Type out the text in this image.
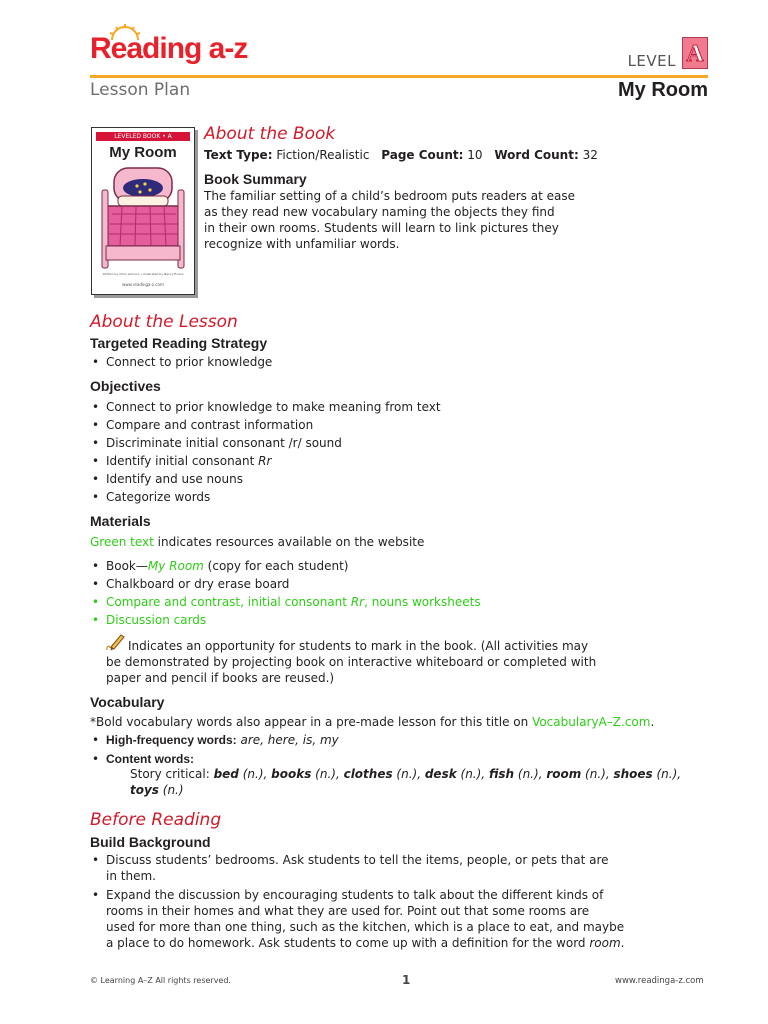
Reading a-z	LEVEL A
Lesson Plan	My Room
LEVELED BOOK • A
My Room
Written by Chris Johnson • Illustrated by Nancy Evans
www.readinga-z.com
About the Book
Text Type: Fiction/Realistic Page Count: 10 Word Count: 32
Book Summary
The familiar setting of a child’s bedroom puts readers at ease
as they read new vocabulary naming the objects they find
in their own rooms. Students will learn to link pictures they
recognize with unfamiliar words.
About the Lesson
Targeted Reading Strategy
• Connect to prior knowledge
Objectives
• Connect to prior knowledge to make meaning from text
• Compare and contrast information
• Discriminate initial consonant /r/ sound
• Identify initial consonant Rr
• Identify and use nouns
• Categorize words
Materials
Green text indicates resources available on the website
• Book—My Room (copy for each student)
• Chalkboard or dry erase board
• Compare and contrast, initial consonant Rr, nouns worksheets
• Discussion cards
Indicates an opportunity for students to mark in the book. (All activities may
be demonstrated by projecting book on interactive whiteboard or completed with
paper and pencil if books are reused.)
Vocabulary
*Bold vocabulary words also appear in a pre-made lesson for this title on VocabularyA–Z.com.
• High-frequency words: are, here, is, my
• Content words:
Story critical: bed (n.), books (n.), clothes (n.), desk (n.), fish (n.), room (n.), shoes (n.),
toys (n.)
Before Reading
Build Background
• Discuss students’ bedrooms. Ask students to tell the items, people, or pets that are
in them.
• Expand the discussion by encouraging students to talk about the different kinds of
rooms in their homes and what they are used for. Point out that some rooms are
used for more than one thing, such as the kitchen, which is a place to eat, and maybe
a place to do homework. Ask students to come up with a definition for the word room.
© Learning A–Z All rights reserved.	1	www.readinga-z.com
